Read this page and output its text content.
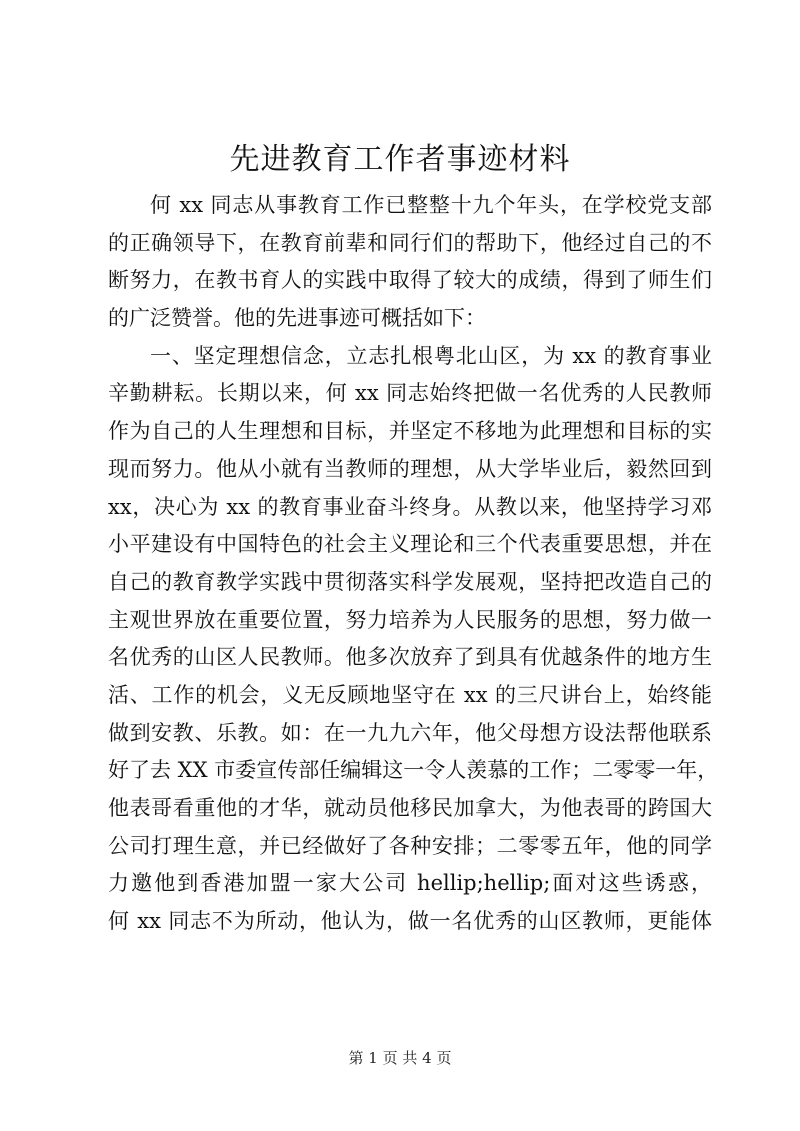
先进教育工作者事迹材料
何 xx 同志从事教育工作已整整十九个年头，在学校党支部
的正确领导下，在教育前辈和同行们的帮助下，他经过自己的不
断努力，在教书育人的实践中取得了较大的成绩，得到了师生们
的广泛赞誉。他的先进事迹可概括如下：
一、坚定理想信念，立志扎根粤北山区，为 xx 的教育事业
辛勤耕耘。长期以来，何 xx 同志始终把做一名优秀的人民教师
作为自己的人生理想和目标，并坚定不移地为此理想和目标的实
现而努力。他从小就有当教师的理想，从大学毕业后，毅然回到
xx，决心为 xx 的教育事业奋斗终身。从教以来，他坚持学习邓
小平建设有中国特色的社会主义理论和三个代表重要思想，并在
自己的教育教学实践中贯彻落实科学发展观，坚持把改造自己的
主观世界放在重要位置，努力培养为人民服务的思想，努力做一
名优秀的山区人民教师。他多次放弃了到具有优越条件的地方生
活、工作的机会，义无反顾地坚守在 xx 的三尺讲台上，始终能
做到安教、乐教。如：在一九九六年，他父母想方设法帮他联系
好了去 XX 市委宣传部任编辑这一令人羡慕的工作；二零零一年，
他表哥看重他的才华，就动员他移民加拿大，为他表哥的跨国大
公司打理生意，并已经做好了各种安排；二零零五年，他的同学
力邀他到香港加盟一家大公司 hellip;hellip;面对这些诱惑，
何 xx 同志不为所动，他认为，做一名优秀的山区教师，更能体
第 1 页 共 4 页
